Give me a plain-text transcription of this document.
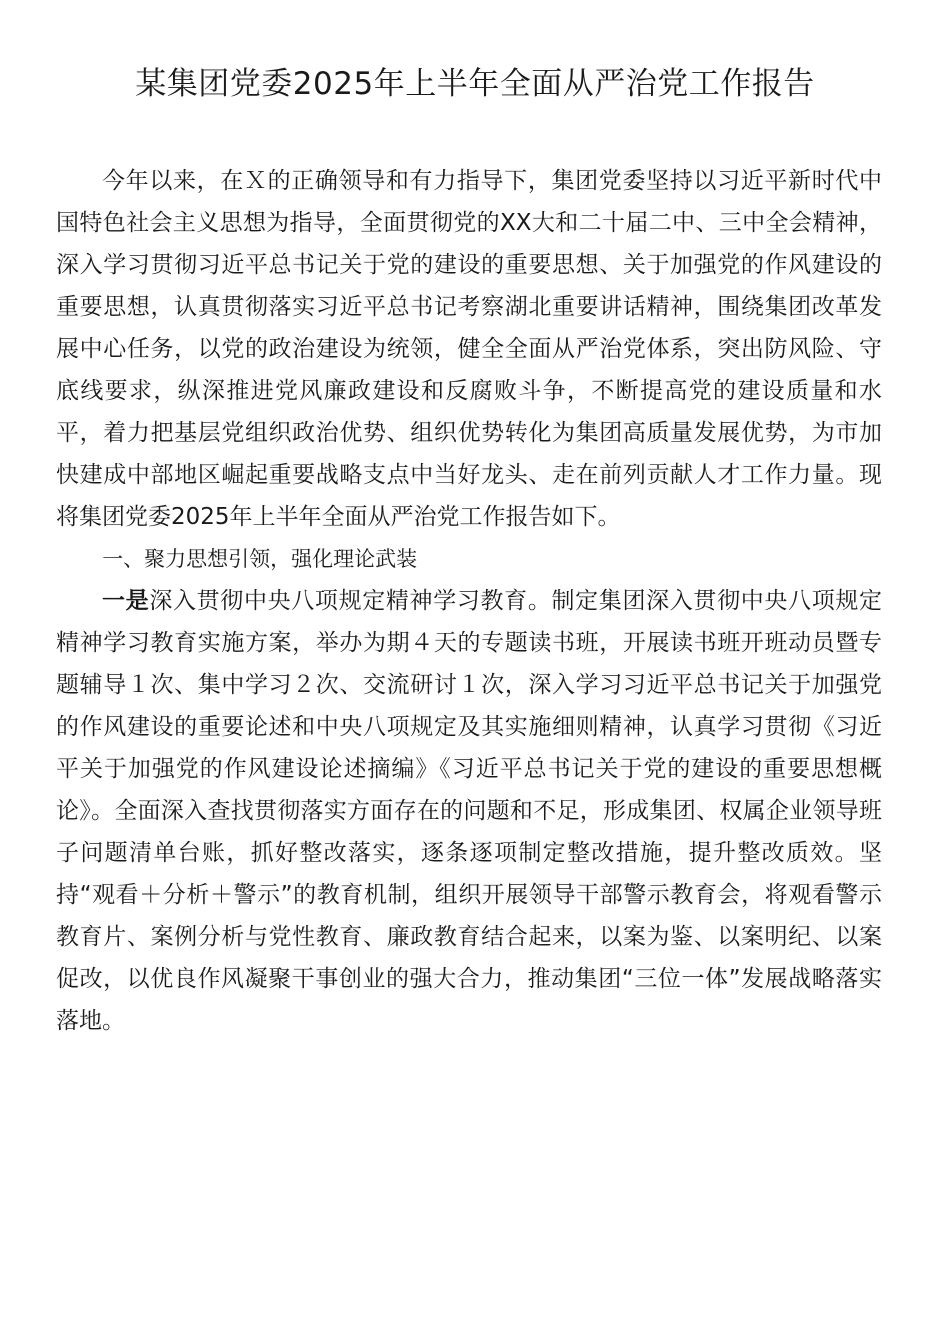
某集团党委2025年上半年全面从严治党工作报告

今年以来，在Ｘ的正确领导和有力指导下，集团党委坚持以习近平新时代中国特色社会主义思想为指导，全面贯彻党的XX大和二十届二中、三中全会精神，深入学习贯彻习近平总书记关于党的建设的重要思想、关于加强党的作风建设的重要思想，认真贯彻落实习近平总书记考察湖北重要讲话精神，围绕集团改革发展中心任务，以党的政治建设为统领，健全全面从严治党体系，突出防风险、守底线要求，纵深推进党风廉政建设和反腐败斗争，不断提高党的建设质量和水平，着力把基层党组织政治优势、组织优势转化为集团高质量发展优势，为市加快建成中部地区崛起重要战略支点中当好龙头、走在前列贡献人才工作力量。现将集团党委2025年上半年全面从严治党工作报告如下。

一、聚力思想引领，强化理论武装

一是深入贯彻中央八项规定精神学习教育。制定集团深入贯彻中央八项规定精神学习教育实施方案，举办为期４天的专题读书班，开展读书班开班动员暨专题辅导１次、集中学习２次、交流研讨１次，深入学习习近平总书记关于加强党的作风建设的重要论述和中央八项规定及其实施细则精神，认真学习贯彻《习近平关于加强党的作风建设论述摘编》《习近平总书记关于党的建设的重要思想概论》。全面深入查找贯彻落实方面存在的问题和不足，形成集团、权属企业领导班子问题清单台账，抓好整改落实，逐条逐项制定整改措施，提升整改质效。坚持“观看＋分析＋警示”的教育机制，组织开展领导干部警示教育会，将观看警示教育片、案例分析与党性教育、廉政教育结合起来，以案为鉴、以案明纪、以案促改，以优良作风凝聚干事创业的强大合力，推动集团“三位一体”发展战略落实落地。
